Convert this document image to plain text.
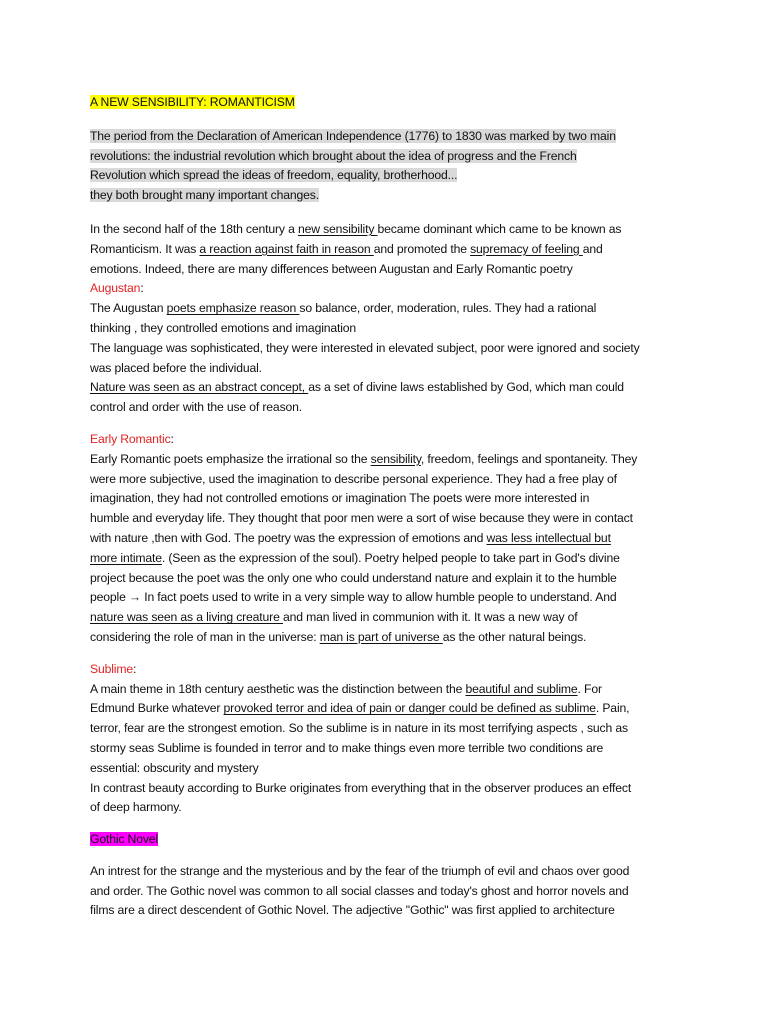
A NEW SENSIBILITY: ROMANTICISM
The period from the Declaration of American Independence (1776) to 1830 was marked by two main
revolutions: the industrial revolution which brought about the idea of progress and the French
Revolution which spread the ideas of freedom, equality, brotherhood...
they both brought many important changes.
In the second half of the 18th century a new sensibility became dominant which came to be known as
Romanticism. It was a reaction against faith in reason and promoted the supremacy of feeling and
emotions. Indeed, there are many differences between Augustan and Early Romantic poetry
Augustan:
The Augustan poets emphasize reason so balance, order, moderation, rules. They had a rational
thinking , they controlled emotions and imagination
The language was sophisticated, they were interested in elevated subject, poor were ignored and society
was placed before the individual.
Nature was seen as an abstract concept, as a set of divine laws established by God, which man could
control and order with the use of reason.
Early Romantic:
Early Romantic poets emphasize the irrational so the sensibility, freedom, feelings and spontaneity. They
were more subjective, used the imagination to describe personal experience. They had a free play of
imagination, they had not controlled emotions or imagination The poets were more interested in
humble and everyday life. They thought that poor men were a sort of wise because they were in contact
with nature ,then with God. The poetry was the expression of emotions and was less intellectual but
more intimate. (Seen as the expression of the soul). Poetry helped people to take part in God's divine
project because the poet was the only one who could understand nature and explain it to the humble
people → In fact poets used to write in a very simple way to allow humble people to understand. And
nature was seen as a living creature and man lived in communion with it. It was a new way of
considering the role of man in the universe: man is part of universe as the other natural beings.
Sublime:
A main theme in 18th century aesthetic was the distinction between the beautiful and sublime. For
Edmund Burke whatever provoked terror and idea of pain or danger could be defined as sublime. Pain,
terror, fear are the strongest emotion. So the sublime is in nature in its most terrifying aspects , such as
stormy seas Sublime is founded in terror and to make things even more terrible two conditions are
essential: obscurity and mystery
In contrast beauty according to Burke originates from everything that in the observer produces an effect
of deep harmony.
Gothic Novel
An intrest for the strange and the mysterious and by the fear of the triumph of evil and chaos over good
and order. The Gothic novel was common to all social classes and today's ghost and horror novels and
films are a direct descendent of Gothic Novel. The adjective "Gothic" was first applied to architecture
